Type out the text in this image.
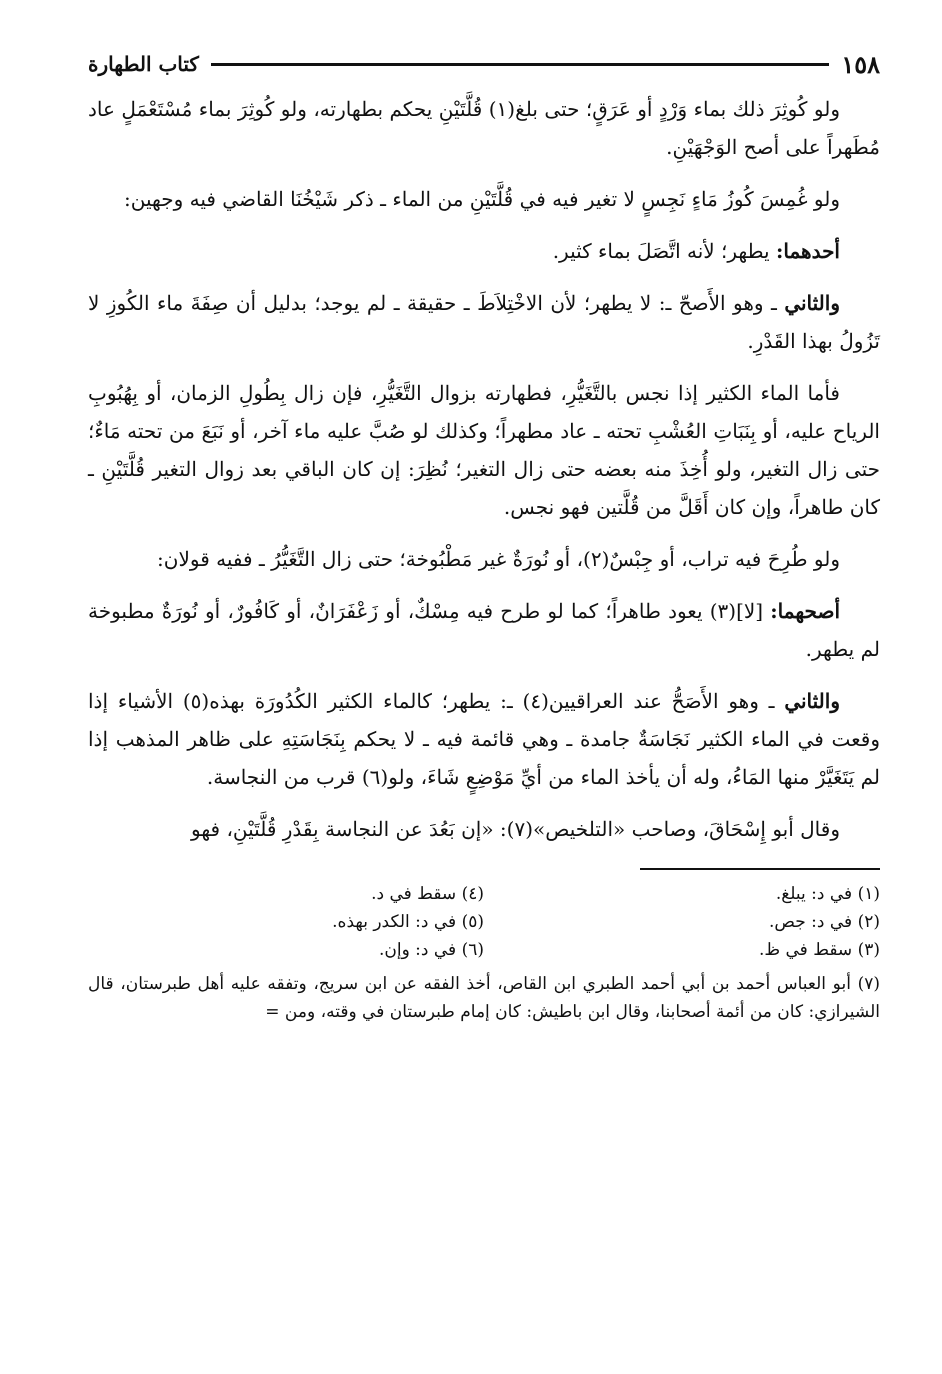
١٥٨
كتاب الطهارة

ولو كُوثِرَ ذلك بماء وَرْدٍ أو عَرَقٍ؛ حتى بلغ(١) قُلَّتَيْنِ يحكم بطهارته، ولو كُوثِرَ بماء مُسْتَعْمَلٍ عاد مُطَهراً على أصح الوَجْهَيْنِ.

ولو غُمِسَ كُوزُ مَاءٍ نَجِسٍ لا تغير فيه في قُلَّتَيْنِ من الماء ـ ذكر شَيْخُنَا القاضي فيه وجهين:

أحدهما: يطهر؛ لأنه اتَّصَلَ بماء كثير.

والثاني ـ وهو الأَصحّ ـ: لا يطهر؛ لأن الاخْتِلاَطَ ـ حقيقة ـ لم يوجد؛ بدليل أن صِفَةَ ماء الكُوزِ لا تَزُولُ بهذا القَدْرِ.

فأما الماء الكثير إذا نجس بالتَّغَيُّرِ، فطهارته بزوال التَّغَيُّرِ، فإن زال بِطُولِ الزمان، أو بِهُبُوبِ الرياح عليه، أو بِنَبَاتِ العُشْبِ تحته ـ عاد مطهراً؛ وكذلك لو صُبَّ عليه ماء آخر، أو نَبَعَ من تحته مَاءٌ؛ حتى زال التغير، ولو أُخِذَ منه بعضه حتى زال التغير؛ نُظِرَ: إن كان الباقي بعد زوال التغير قُلَّتَيْنِ ـ كان طاهراً، وإن كان أَقَلَّ من قُلَّتين فهو نجس.

ولو طُرِحَ فيه تراب، أو جِبْسٌ(٢)، أو نُورَةٌ غير مَطْبُوخة؛ حتى زال التَّغَيُّرُ ـ ففيه قولان:

أصحهما: [لا](٣) يعود طاهراً؛ كما لو طرح فيه مِسْكٌ، أو زَعْفَرَانٌ، أو كَافُورٌ، أو نُورَةٌ مطبوخة لم يطهر.

والثاني ـ وهو الأَصَحُّ عند العراقيين(٤) ـ: يطهر؛ كالماء الكثير الكُدُورَة بهذه(٥) الأشياء إذا وقعت في الماء الكثير نَجَاسَةٌ جامدة ـ وهي قائمة فيه ـ لا يحكم بِنَجَاسَتِهِ على ظاهر المذهب إذا لم يَتَغَيَّرْ منها المَاءُ، وله أن يأخذ الماء من أيِّ مَوْضِعٍ شَاءَ، ولو(٦) قرب من النجاسة.

وقال أبو إِسْحَاقَ، وصاحب «التلخيص»(٧): «إن بَعُدَ عن النجاسة بِقَدْرِ قُلَّتَيْنِ، فهو

(١) في د: يبلغ.
(٢) في د: جص.
(٣) سقط في ظ.
(٤) سقط في د.
(٥) في د: الكدر بهذه.
(٦) في د: وإن.
(٧) أبو العباس أحمد بن أبي أحمد الطبري ابن القاص، أخذ الفقه عن ابن سريج، وتفقه عليه أهل طبرستان، قال الشيرازي: كان من أئمة أصحابنا، وقال ابن باطيش: كان إمام طبرستان في وقته، ومن =
